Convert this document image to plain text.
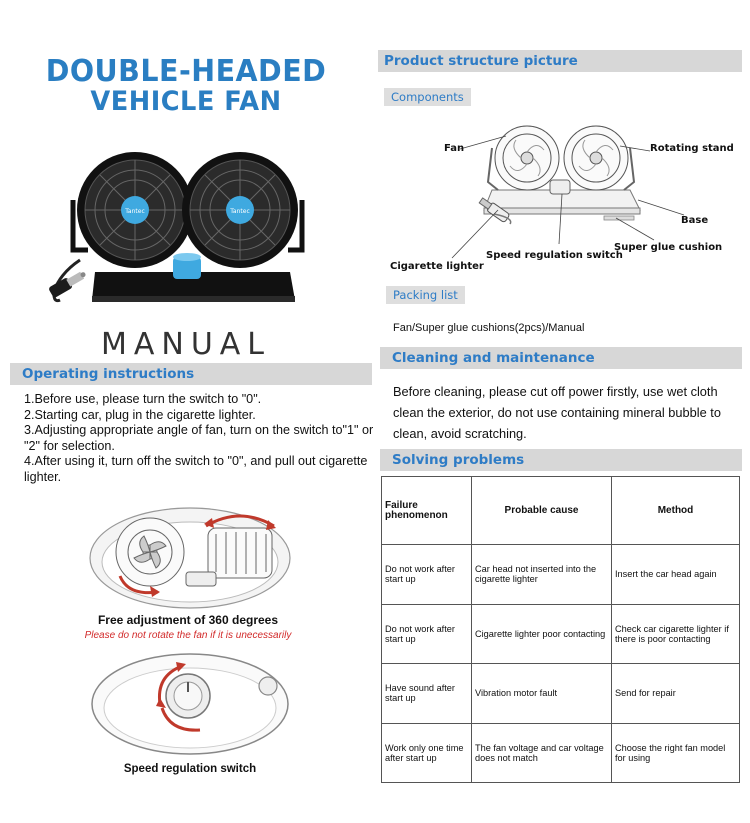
DOUBLE-HEADED
VEHICLE FAN
Tantec	Tantec
MANUAL
Operating instructions
1.Before use, please turn the switch to "0".
2.Starting car, plug in the cigarette lighter.
3.Adjusting appropriate angle of fan, turn on the switch to"1" or "2" for selection.
4.After using it, turn off the switch to "0", and pull out cigarette lighter.
Free adjustment of 360 degrees
Please do not rotate the fan if it is unecessarily
Speed regulation switch
Product structure picture
Components
Fan	Rotating stand
Base
Super glue cushion
Speed regulation switch
Cigarette lighter
Packing list
Fan/Super glue cushions(2pcs)/Manual
Cleaning and maintenance
Before cleaning, please cut off power firstly, use wet cloth clean the exterior, do not use containing mineral bubble to clean, avoid scratching.
Solving problems
Failure phenomenon	Probable cause	Method
Do not work after start up	Car head not inserted into the cigarette lighter	Insert the car head again
Do not work after start up	Cigarette lighter poor contacting	Check car cigarette lighter if there is poor contacting
Have sound after start up	Vibration motor fault	Send for repair
Work only one time after start up	The fan voltage and car voltage does not match	Choose the right fan model for using
